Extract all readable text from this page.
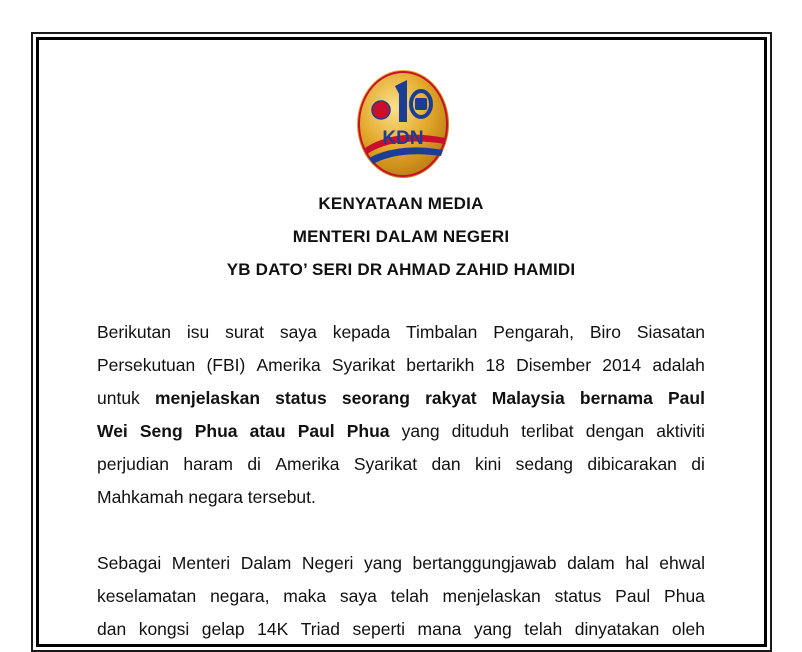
KDN
KENYATAAN MEDIA
MENTERI DALAM NEGERI
YB DATO’ SERI DR AHMAD ZAHID HAMIDI
Berikutan isu surat saya kepada Timbalan Pengarah, Biro Siasatan
Persekutuan (FBI) Amerika Syarikat bertarikh 18 Disember 2014 adalah
untuk menjelaskan status seorang rakyat Malaysia bernama Paul
Wei Seng Phua atau Paul Phua yang dituduh terlibat dengan aktiviti
perjudian haram di Amerika Syarikat dan kini sedang dibicarakan di
Mahkamah negara tersebut.
Sebagai Menteri Dalam Negeri yang bertanggungjawab dalam hal ehwal
keselamatan negara, maka saya telah menjelaskan status Paul Phua
dan kongsi gelap 14K Triad seperti mana yang telah dinyatakan oleh
